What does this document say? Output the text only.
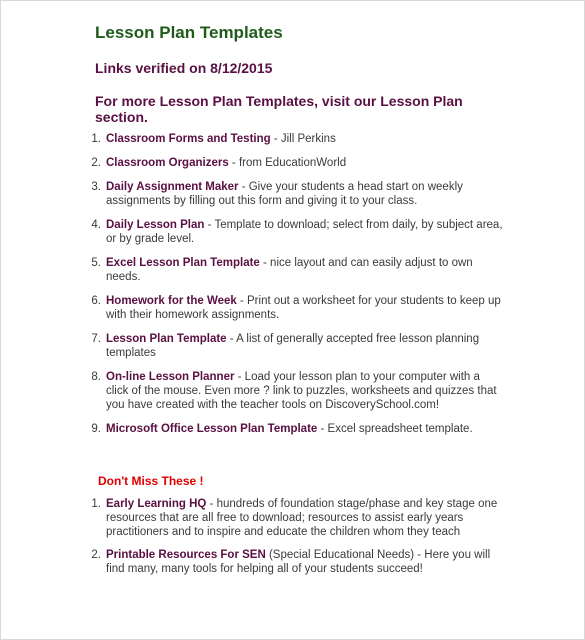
Lesson Plan Templates

Links verified on 8/12/2015

For more Lesson Plan Templates, visit our Lesson Plan section.

1. Classroom Forms and Testing - Jill Perkins
2. Classroom Organizers - from EducationWorld
3. Daily Assignment Maker - Give your students a head start on weekly assignments by filling out this form and giving it to your class.
4. Daily Lesson Plan - Template to download; select from daily, by subject area, or by grade level.
5. Excel Lesson Plan Template - nice layout and can easily adjust to own needs.
6. Homework for the Week - Print out a worksheet for your students to keep up with their homework assignments.
7. Lesson Plan Template - A list of generally accepted free lesson planning templates
8. On-line Lesson Planner - Load your lesson plan to your computer with a click of the mouse. Even more ? link to puzzles, worksheets and quizzes that you have created with the teacher tools on DiscoverySchool.com!
9. Microsoft Office Lesson Plan Template - Excel spreadsheet template.

Don't Miss These !

1. Early Learning HQ - hundreds of foundation stage/phase and key stage one resources that are all free to download; resources to assist early years practitioners and to inspire and educate the children whom they teach
2. Printable Resources For SEN (Special Educational Needs) - Here you will find many, many tools for helping all of your students succeed!
